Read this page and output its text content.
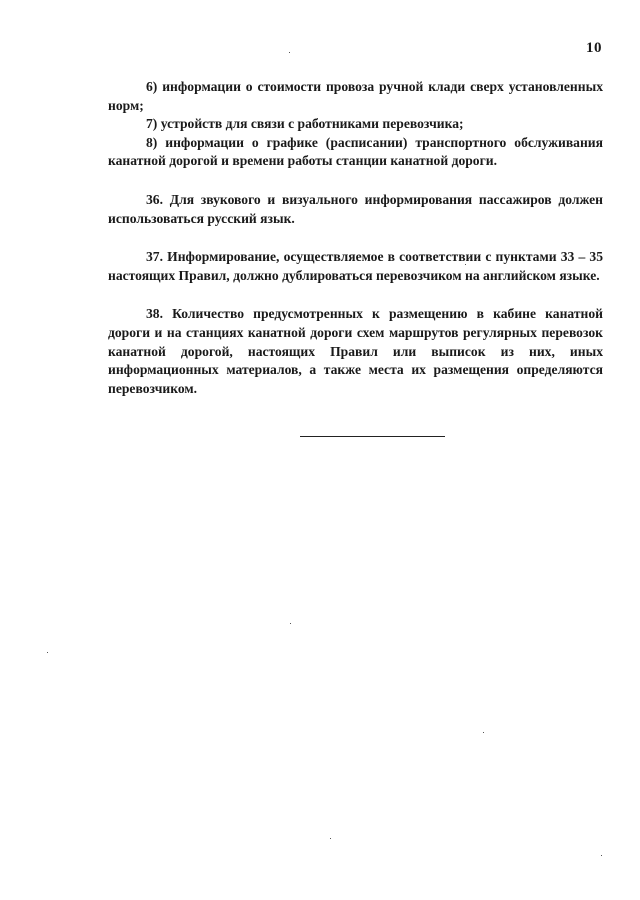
10

6) информации о стоимости провоза ручной клади сверх установленных норм;

7) устройств для связи с работниками перевозчика;

8) информации о графике (расписании) транспортного обслуживания канатной дорогой и времени работы станции канатной дороги.

36. Для звукового и визуального информирования пассажиров должен использоваться русский язык.

37. Информирование, осуществляемое в соответствии с пунктами 33 – 35 настоящих Правил, должно дублироваться перевозчиком на английском языке.

38. Количество предусмотренных к размещению в кабине канатной дороги и на станциях канатной дороги схем маршрутов регулярных перевозок канатной дорогой, настоящих Правил или выписок из них, иных информационных материалов, а также места их размещения определяются перевозчиком.
